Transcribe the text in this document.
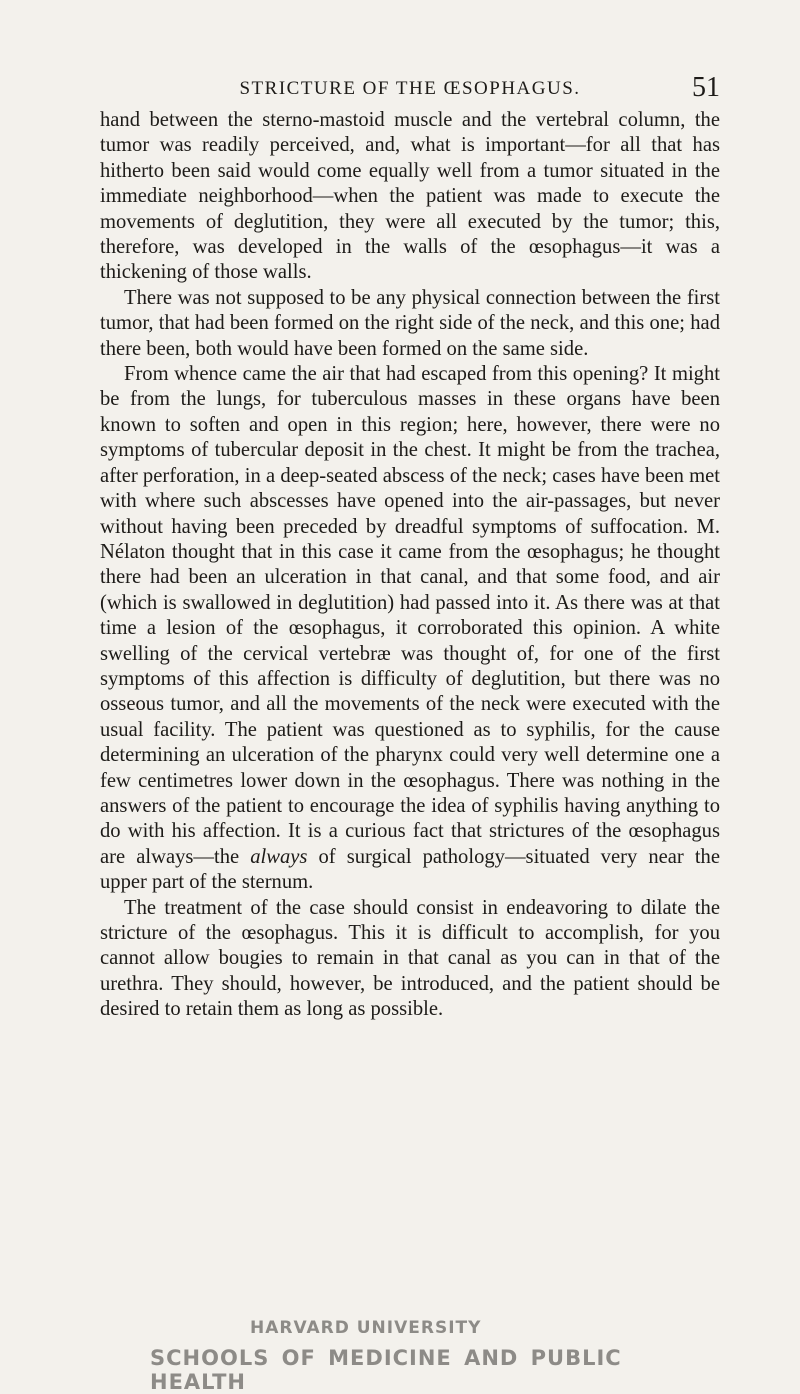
STRICTURE OF THE ŒSOPHAGUS.	51

hand between the sterno-mastoid muscle and the vertebral column, the tumor was readily perceived, and, what is important—for all that has hitherto been said would come equally well from a tumor situated in the immediate neighborhood—when the patient was made to execute the movements of deglutition, they were all executed by the tumor; this, therefore, was developed in the walls of the œsophagus—it was a thickening of those walls.

There was not supposed to be any physical connection between the first tumor, that had been formed on the right side of the neck, and this one; had there been, both would have been formed on the same side.

From whence came the air that had escaped from this opening? It might be from the lungs, for tuberculous masses in these organs have been known to soften and open in this region; here, however, there were no symptoms of tubercular deposit in the chest. It might be from the trachea, after perforation, in a deep-seated abscess of the neck; cases have been met with where such abscesses have opened into the air-passages, but never without having been preceded by dreadful symptoms of suffocation. M. Nélaton thought that in this case it came from the œsophagus; he thought there had been an ulceration in that canal, and that some food, and air (which is swallowed in deglutition) had passed into it. As there was at that time a lesion of the œsophagus, it corroborated this opinion. A white swelling of the cervical vertebræ was thought of, for one of the first symptoms of this affection is difficulty of deglutition, but there was no osseous tumor, and all the movements of the neck were executed with the usual facility. The patient was questioned as to syphilis, for the cause determining an ulceration of the pharynx could very well determine one a few centimetres lower down in the œsophagus. There was nothing in the answers of the patient to encourage the idea of syphilis having anything to do with his affection. It is a curious fact that strictures of the œsophagus are always—the always of surgical pathology—situated very near the upper part of the sternum.

The treatment of the case should consist in endeavoring to dilate the stricture of the œsophagus. This it is difficult to accomplish, for you cannot allow bougies to remain in that canal as you can in that of the urethra. They should, however, be introduced, and the patient should be desired to retain them as long as possible.

HARVARD UNIVERSITY
SCHOOLS OF MEDICINE AND PUBLIC HEALTH
